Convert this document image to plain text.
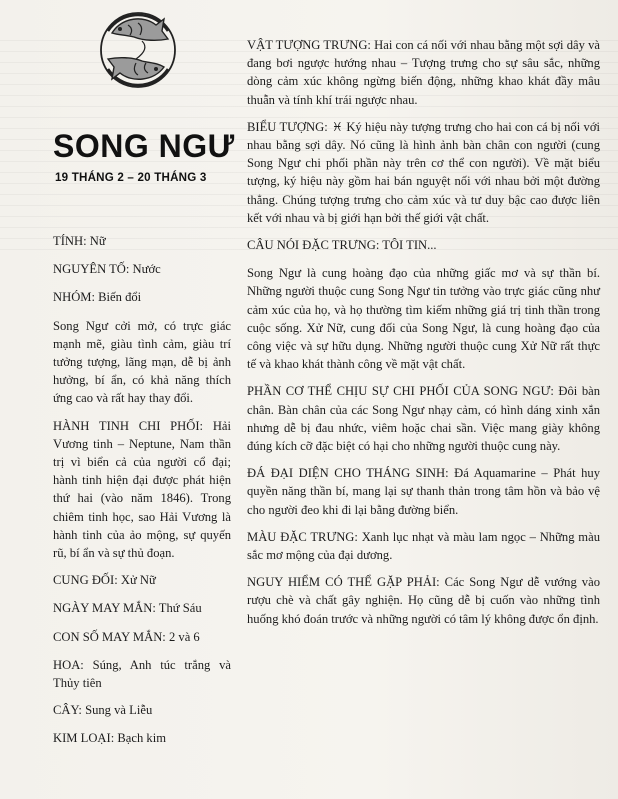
SONG NGƯ
19 THÁNG 2 – 20 THÁNG 3

TÍNH: Nữ

NGUYÊN TỐ: Nước

NHÓM: Biến đổi

Song Ngư cởi mở, có trực giác mạnh mẽ, giàu tình cảm, giàu trí tưởng tượng, lãng mạn, dễ bị ảnh hưởng, bí ẩn, có khả năng thích ứng cao và rất hay thay đổi.

HÀNH TINH CHI PHỐI: Hải Vương tinh – Neptune, Nam thần trị vì biển cả của người cổ đại; hành tinh hiện đại được phát hiện thứ hai (vào năm 1846). Trong chiêm tinh học, sao Hải Vương là hành tinh của ảo mộng, sự quyến rũ, bí ẩn và sự thủ đoạn.

CUNG ĐỐI: Xử Nữ

NGÀY MAY MẮN: Thứ Sáu

CON SỐ MAY MẮN: 2 và 6

HOA: Súng, Anh túc trắng và Thủy tiên

CÂY: Sung và Liễu

KIM LOẠI: Bạch kim

VẬT TƯỢNG TRƯNG: Hai con cá nối với nhau bằng một sợi dây và đang bơi ngược hướng nhau – Tượng trưng cho sự sâu sắc, những dòng cảm xúc không ngừng biến động, những khao khát đầy mâu thuẫn và tính khí trái ngược nhau.

BIỂU TƯỢNG: ♓ Ký hiệu này tượng trưng cho hai con cá bị nối với nhau bằng sợi dây. Nó cũng là hình ảnh bàn chân con người (cung Song Ngư chi phối phần này trên cơ thể con người). Về mặt biểu tượng, ký hiệu này gồm hai bán nguyệt nối với nhau bởi một đường thẳng. Chúng tượng trưng cho cảm xúc và tư duy bậc cao được liên kết với nhau và bị giới hạn bởi thế giới vật chất.

CÂU NÓI ĐẶC TRƯNG: TÔI TIN...

Song Ngư là cung hoàng đạo của những giấc mơ và sự thần bí. Những người thuộc cung Song Ngư tin tưởng vào trực giác cũng như cảm xúc của họ, và họ thường tìm kiếm những giá trị tinh thần trong cuộc sống. Xử Nữ, cung đối của Song Ngư, là cung hoàng đạo của công việc và sự hữu dụng. Những người thuộc cung Xử Nữ rất thực tế và khao khát thành công về mặt vật chất.

PHẦN CƠ THỂ CHỊU SỰ CHI PHỐI CỦA SONG NGƯ: Đôi bàn chân. Bàn chân của các Song Ngư nhạy cảm, có hình dáng xinh xắn nhưng dễ bị đau nhức, viêm hoặc chai sần. Việc mang giày không đúng kích cỡ đặc biệt có hại cho những người thuộc cung này.

ĐÁ ĐẠI DIỆN CHO THÁNG SINH: Đá Aquamarine – Phát huy quyền năng thần bí, mang lại sự thanh thản trong tâm hồn và bảo vệ cho người đeo khi đi lại bằng đường biển.

MÀU ĐẶC TRƯNG: Xanh lục nhạt và màu lam ngọc – Những màu sắc mơ mộng của đại dương.

NGUY HIỂM CÓ THỂ GẶP PHẢI: Các Song Ngư dễ vướng vào rượu chè và chất gây nghiện. Họ cũng dễ bị cuốn vào những tình huống khó đoán trước và những người có tâm lý không được ổn định.
